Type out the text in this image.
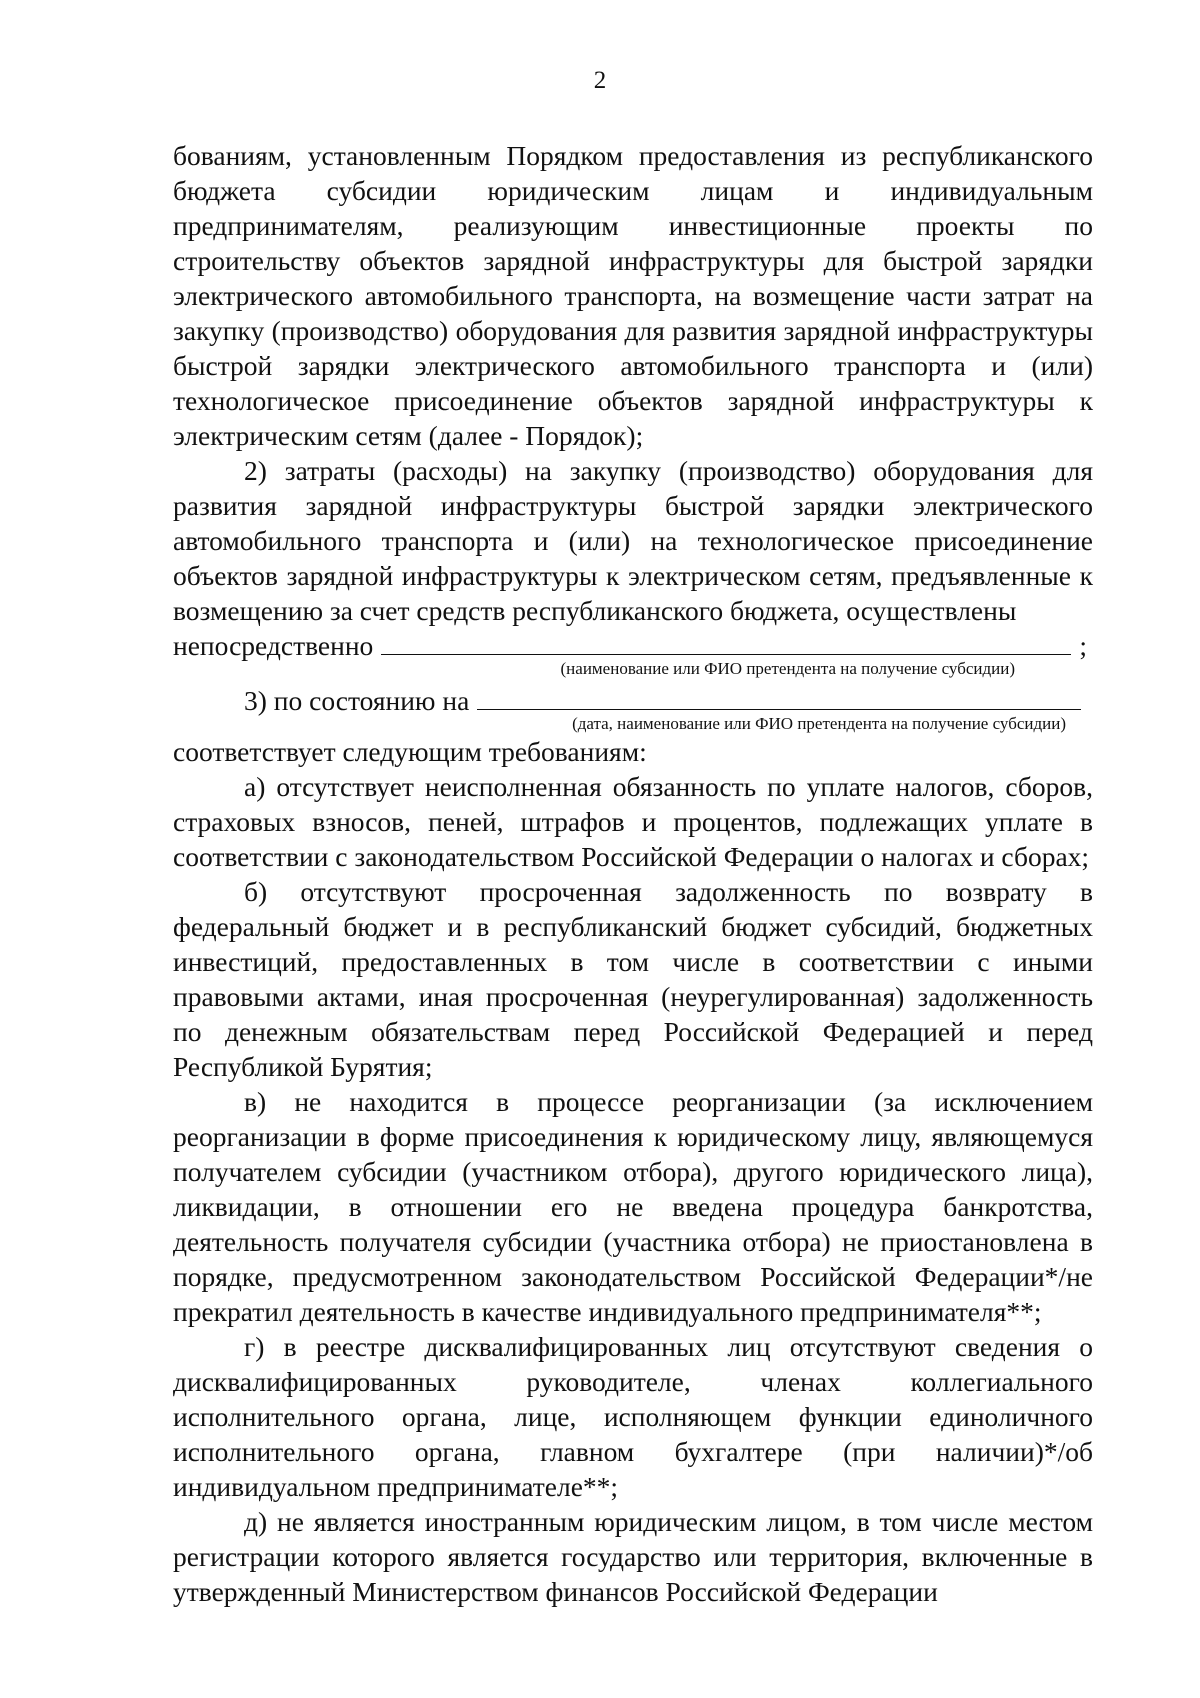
2

бованиям, установленным Порядком предоставления из республиканского бюджета субсидии юридическим лицам и индивидуальным предпринимателям, реализующим инвестиционные проекты по строительству объектов зарядной инфраструктуры для быстрой зарядки электрического автомобильного транспорта, на возмещение части затрат на закупку (производство) оборудования для развития зарядной инфраструктуры быстрой зарядки электрического автомобильного транспорта и (или) технологическое присоединение объектов зарядной инфраструктуры к электрическим сетям (далее - Порядок);

2) затраты (расходы) на закупку (производство) оборудования для развития зарядной инфраструктуры быстрой зарядки электрического автомобильного транспорта и (или) на технологическое присоединение объектов зарядной инфраструктуры к электрическом сетям, предъявленные к возмещению за счет средств республиканского бюджета, осуществлены

непосредственно	;
(наименование или ФИО претендента на получение субсидии)
3) по состоянию на
(дата, наименование или ФИО претендента на получение субсидии)

соответствует следующим требованиям:

а) отсутствует неисполненная обязанность по уплате налогов, сборов, страховых взносов, пеней, штрафов и процентов, подлежащих уплате в соответствии с законодательством Российской Федерации о налогах и сборах;

б) отсутствуют просроченная задолженность по возврату в федеральный бюджет и в республиканский бюджет субсидий, бюджетных инвестиций, предоставленных в том числе в соответствии с иными правовыми актами, иная просроченная (неурегулированная) задолженность по денежным обязательствам перед Российской Федерацией и перед Республикой Бурятия;

в) не находится в процессе реорганизации (за исключением реорганизации в форме присоединения к юридическому лицу, являющемуся получателем субсидии (участником отбора), другого юридического лица), ликвидации, в отношении его не введена процедура банкротства, деятельность получателя субсидии (участника отбора) не приостановлена в порядке, предусмотренном законодательством Российской Федерации*/не прекратил деятельность в качестве индивидуального предпринимателя**;

г) в реестре дисквалифицированных лиц отсутствуют сведения о дисквалифицированных руководителе, членах коллегиального исполнительного органа, лице, исполняющем функции единоличного исполнительного органа, главном бухгалтере (при наличии)*/об индивидуальном предпринимателе**;

д) не является иностранным юридическим лицом, в том числе местом регистрации которого является государство или территория, включенные в утвержденный Министерством финансов Российской Федерации
